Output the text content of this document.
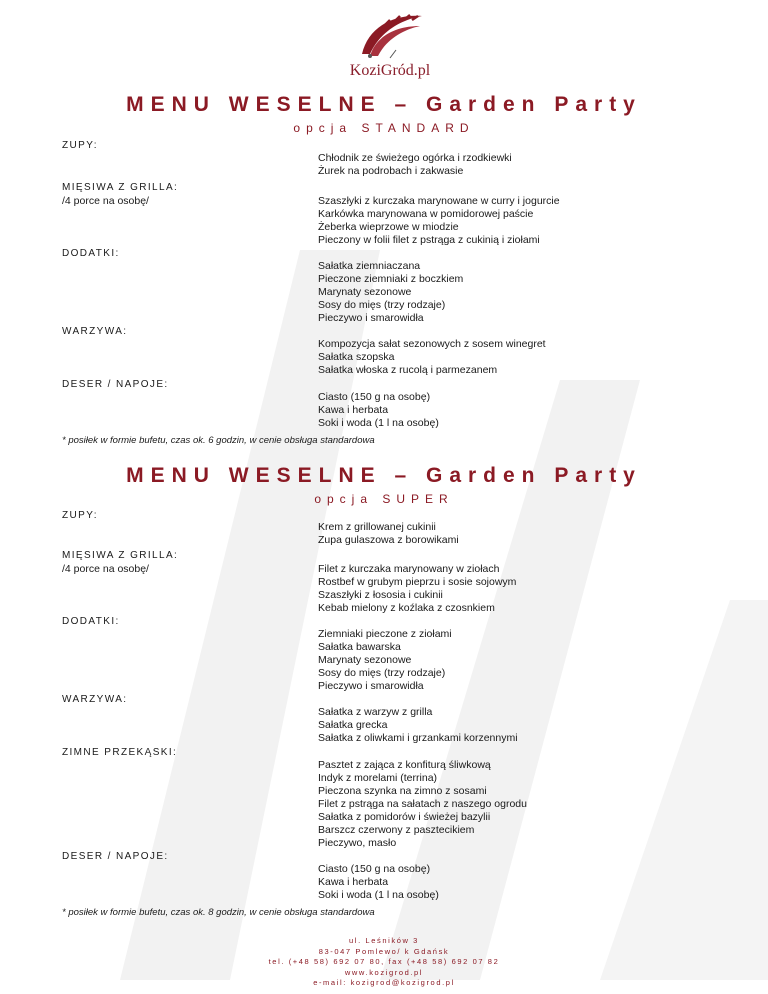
KoziGród.pl
MENU WESELNE – Garden Party
opcja STANDARD
ZUPY:
Chłodnik ze świeżego ogórka i rzodkiewki
Żurek na podrobach i zakwasie
MIĘSIWA Z GRILLA:
/4 porce na osobę/	Szaszłyki z kurczaka marynowane w curry i jogurcie
Karkówka marynowana w pomidorowej paście
Żeberka wieprzowe w miodzie
Pieczony w folii filet z pstrąga z cukinią i ziołami
DODATKI:
Sałatka ziemniaczana
Pieczone ziemniaki z boczkiem
Marynaty sezonowe
Sosy do mięs (trzy rodzaje)
Pieczywo i smarowidła
WARZYWA:
Kompozycja sałat sezonowych z sosem winegret
Sałatka szopska
Sałatka włoska z rucolą i parmezanem
DESER / NAPOJE:
Ciasto (150 g na osobę)
Kawa i herbata
Soki i woda (1 l na osobę)
* posiłek w formie bufetu, czas ok. 6 godzin, w cenie obsługa standardowa
MENU WESELNE – Garden Party
opcja SUPER
ZUPY:
Krem z grillowanej cukinii
Zupa gulaszowa z borowikami
MIĘSIWA Z GRILLA:
/4 porce na osobę/	Filet z kurczaka marynowany w ziołach
Rostbef w grubym pieprzu i sosie sojowym
Szaszłyki z łososia i cukinii
Kebab mielony z koźlaka z czosnkiem
DODATKI:
Ziemniaki pieczone z ziołami
Sałatka bawarska
Marynaty sezonowe
Sosy do mięs (trzy rodzaje)
Pieczywo i smarowidła
WARZYWA:
Sałatka z warzyw z grilla
Sałatka grecka
Sałatka z oliwkami i grzankami korzennymi
ZIMNE PRZEKĄSKI:
Pasztet z zająca z konfiturą śliwkową
Indyk z morelami (terrina)
Pieczona szynka na zimno z sosami
Filet z pstrąga na sałatach z naszego ogrodu
Sałatka z pomidorów i świeżej bazylii
Barszcz czerwony z pasztecikiem
Pieczywo, masło
DESER / NAPOJE:
Ciasto (150 g na osobę)
Kawa i herbata
Soki i woda (1 l na osobę)
* posiłek w formie bufetu, czas ok. 8 godzin, w cenie obsługa standardowa
ul. Leśników 3
83-047 Pomlewo/ k Gdańsk
tel. (+48 58) 692 07 80, fax (+48 58) 692 07 82
www.kozigrod.pl
e-mail: kozigrod@kozigrod.pl
